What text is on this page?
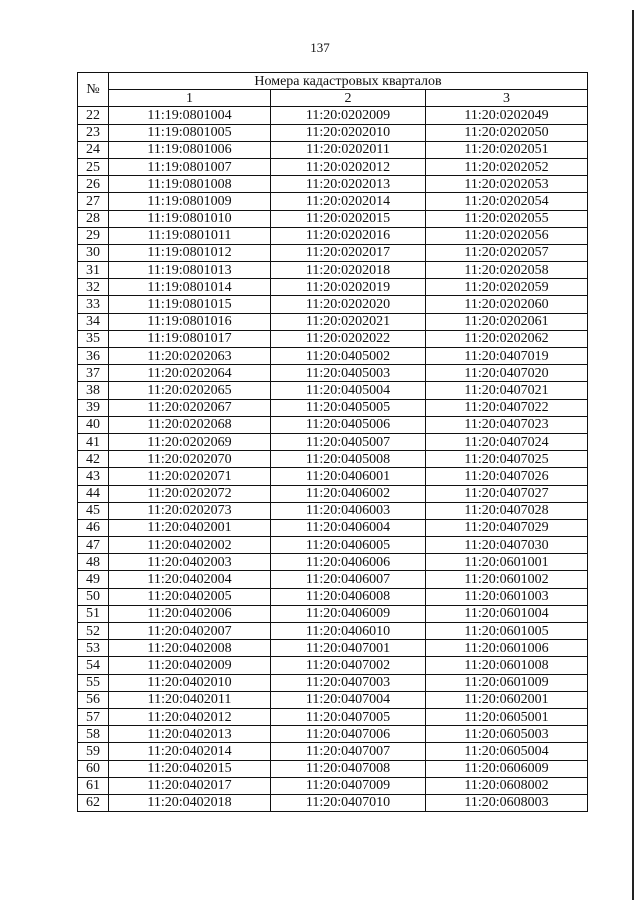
137
№	Номера кадастровых кварталов		
	1	2	3
22	11:19:0801004	11:20:0202009	11:20:0202049
23	11:19:0801005	11:20:0202010	11:20:0202050
24	11:19:0801006	11:20:0202011	11:20:0202051
25	11:19:0801007	11:20:0202012	11:20:0202052
26	11:19:0801008	11:20:0202013	11:20:0202053
27	11:19:0801009	11:20:0202014	11:20:0202054
28	11:19:0801010	11:20:0202015	11:20:0202055
29	11:19:0801011	11:20:0202016	11:20:0202056
30	11:19:0801012	11:20:0202017	11:20:0202057
31	11:19:0801013	11:20:0202018	11:20:0202058
32	11:19:0801014	11:20:0202019	11:20:0202059
33	11:19:0801015	11:20:0202020	11:20:0202060
34	11:19:0801016	11:20:0202021	11:20:0202061
35	11:19:0801017	11:20:0202022	11:20:0202062
36	11:20:0202063	11:20:0405002	11:20:0407019
37	11:20:0202064	11:20:0405003	11:20:0407020
38	11:20:0202065	11:20:0405004	11:20:0407021
39	11:20:0202067	11:20:0405005	11:20:0407022
40	11:20:0202068	11:20:0405006	11:20:0407023
41	11:20:0202069	11:20:0405007	11:20:0407024
42	11:20:0202070	11:20:0405008	11:20:0407025
43	11:20:0202071	11:20:0406001	11:20:0407026
44	11:20:0202072	11:20:0406002	11:20:0407027
45	11:20:0202073	11:20:0406003	11:20:0407028
46	11:20:0402001	11:20:0406004	11:20:0407029
47	11:20:0402002	11:20:0406005	11:20:0407030
48	11:20:0402003	11:20:0406006	11:20:0601001
49	11:20:0402004	11:20:0406007	11:20:0601002
50	11:20:0402005	11:20:0406008	11:20:0601003
51	11:20:0402006	11:20:0406009	11:20:0601004
52	11:20:0402007	11:20:0406010	11:20:0601005
53	11:20:0402008	11:20:0407001	11:20:0601006
54	11:20:0402009	11:20:0407002	11:20:0601008
55	11:20:0402010	11:20:0407003	11:20:0601009
56	11:20:0402011	11:20:0407004	11:20:0602001
57	11:20:0402012	11:20:0407005	11:20:0605001
58	11:20:0402013	11:20:0407006	11:20:0605003
59	11:20:0402014	11:20:0407007	11:20:0605004
60	11:20:0402015	11:20:0407008	11:20:0606009
61	11:20:0402017	11:20:0407009	11:20:0608002
62	11:20:0402018	11:20:0407010	11:20:0608003
